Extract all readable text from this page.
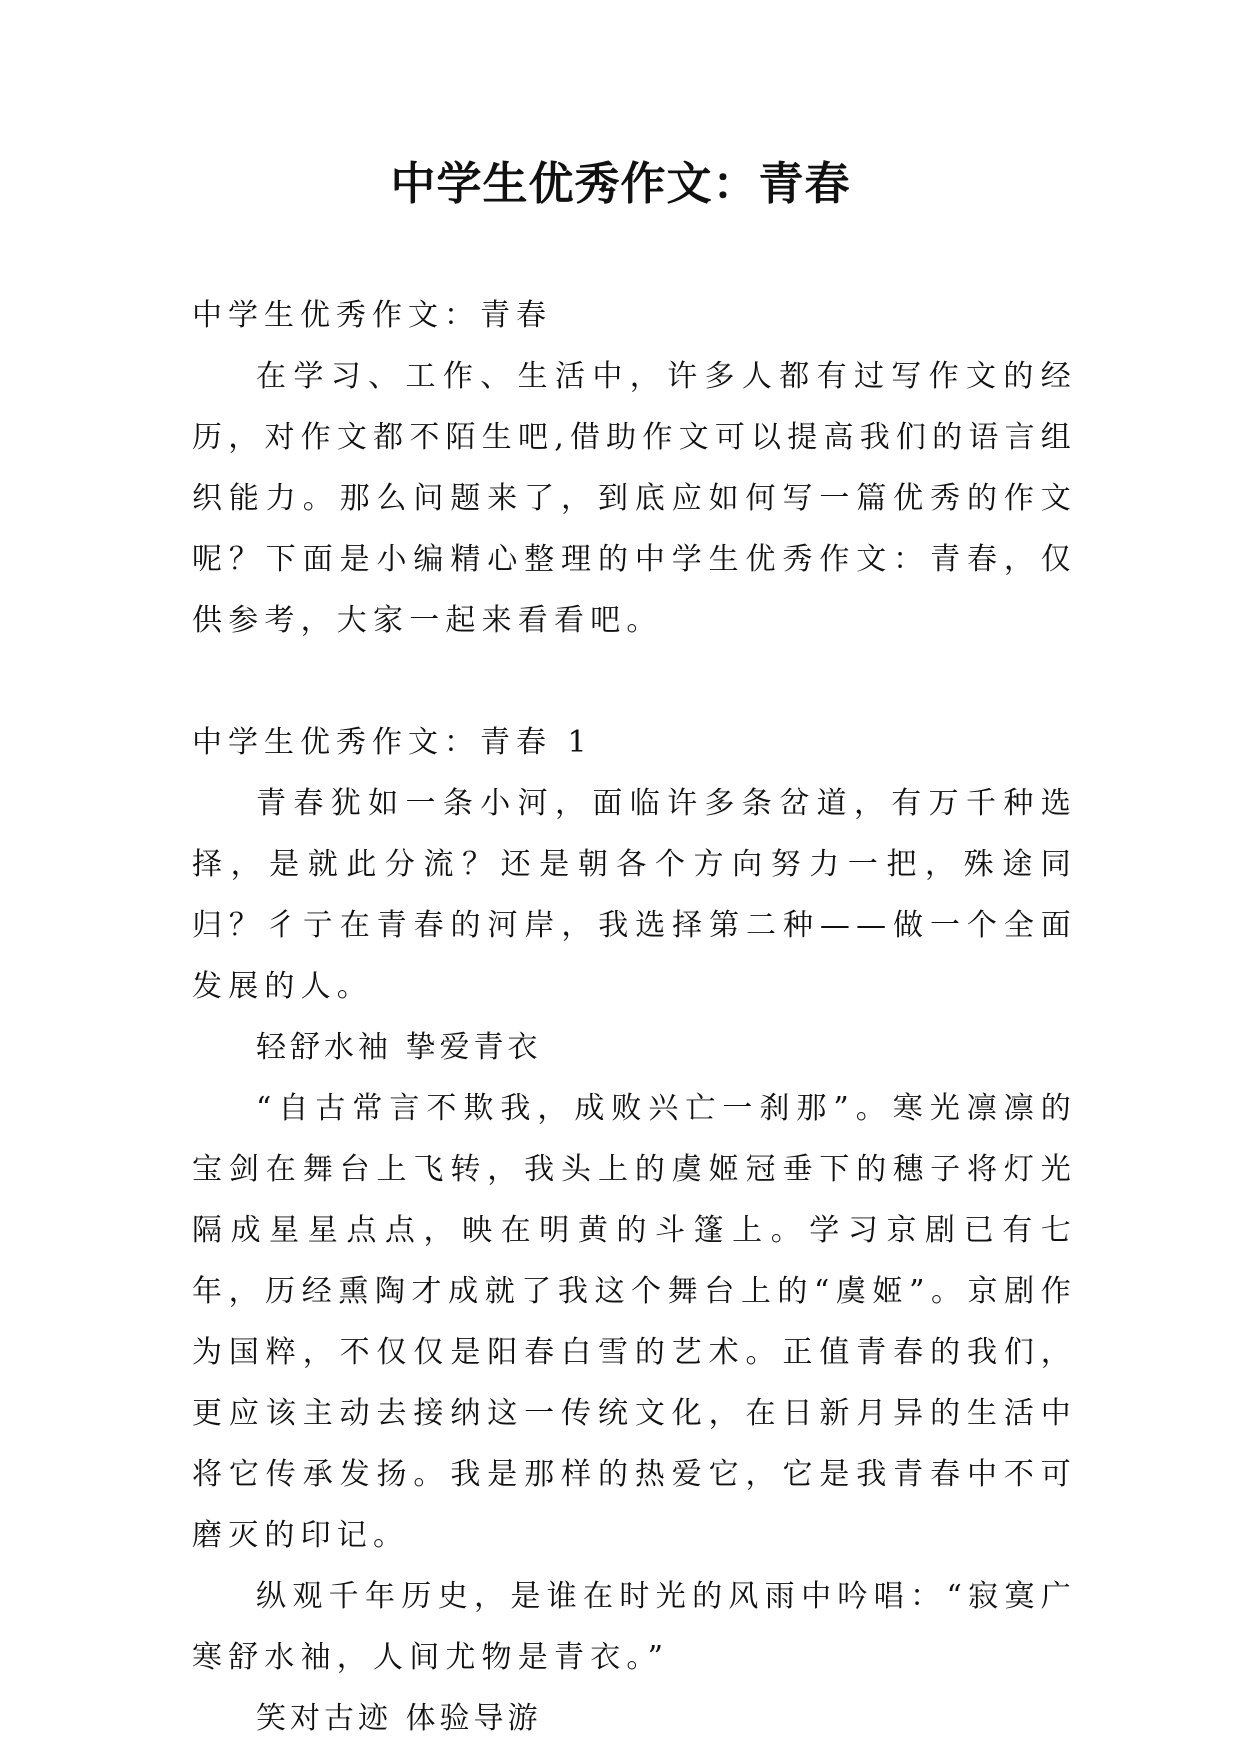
中学生优秀作文：青春

中学生优秀作文：青春

在学习、工作、生活中，许多人都有过写作文的经历，对作文都不陌生吧,借助作文可以提高我们的语言组织能力。那么问题来了，到底应如何写一篇优秀的作文呢？下面是小编精心整理的中学生优秀作文：青春，仅供参考，大家一起来看看吧。

中学生优秀作文：青春 1

青春犹如一条小河，面临许多条岔道，有万千种选择，是就此分流？还是朝各个方向努力一把，殊途同归？彳亍在青春的河岸，我选择第二种——做一个全面发展的人。

轻舒水袖 挚爱青衣

“自古常言不欺我，成败兴亡一刹那”。寒光凛凛的宝剑在舞台上飞转，我头上的虞姬冠垂下的穗子将灯光隔成星星点点，映在明黄的斗篷上。学习京剧已有七年，历经熏陶才成就了我这个舞台上的“虞姬”。京剧作为国粹，不仅仅是阳春白雪的艺术。正值青春的我们，更应该主动去接纳这一传统文化，在日新月异的生活中将它传承发扬。我是那样的热爱它，它是我青春中不可磨灭的印记。

纵观千年历史，是谁在时光的风雨中吟唱：“寂寞广寒舒水袖，人间尤物是青衣。”

笑对古迹 体验导游
